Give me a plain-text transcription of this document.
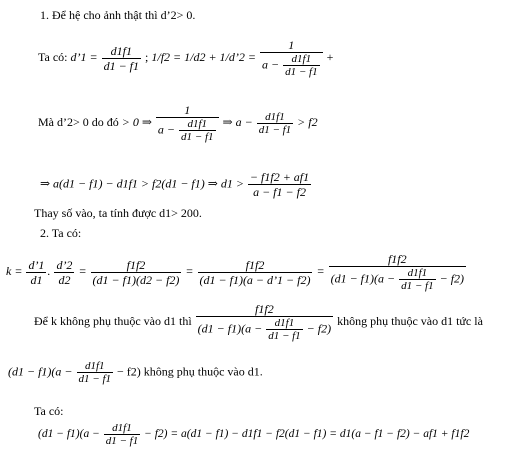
1. Để hệ cho ảnh thật thì d’2> 0.
Ta có: d’1 = $\frac{d1f1}{d1 - f1}$ ; 1/f2 = 1/d2 + 1/d’2 = $\frac{1}{a - \frac{d1f1}{d1 - f1}}$ +
Mà d’2> 0 do đó > 0 ⇒ $\frac{1}{a - \frac{d1f1}{d1 - f1}}$ ⇒ $a - \frac{d1f1}{d1 - f1} > f2$
⇒ a(d1 − f1) − d1f1 > f2(d1 − f1) ⇒ $d1 > \frac{- f1f2 + af1}{a - f1 - f2}$
Thay số vào, ta tính được d1> 200.
2. Ta có:
$k = \frac{d’1}{d1}$ . $\frac{d’2}{d2} = \frac{f1f2}{(d1 - f1)(d2 - f2)} = \frac{f1f2}{(d1 - f1)(a - d’1 - f2)}$ =
f1f2
$(d1 - f1)(a - \frac{d1f1}{d1 - f1} - f2)$
Để k không phụ thuộc vào d1 thì
f1f2
$(d1 - f1)(a - \frac{d1f1}{d1 - f1} - f2)$
không phụ thuộc vào d1 tức là
$(d1 - f1)(a - \frac{d1f1}{d1 - f1} - f2)$ không phụ thuộc vào d1.
Ta có:
$(d1 - f1)(a - \frac{d1f1}{d1 - f1} - f2) = a(d1 - f1) - d1f1 - f2(d1 - f1) = d1(a - f1 - f2) - af1 + f1f2$
